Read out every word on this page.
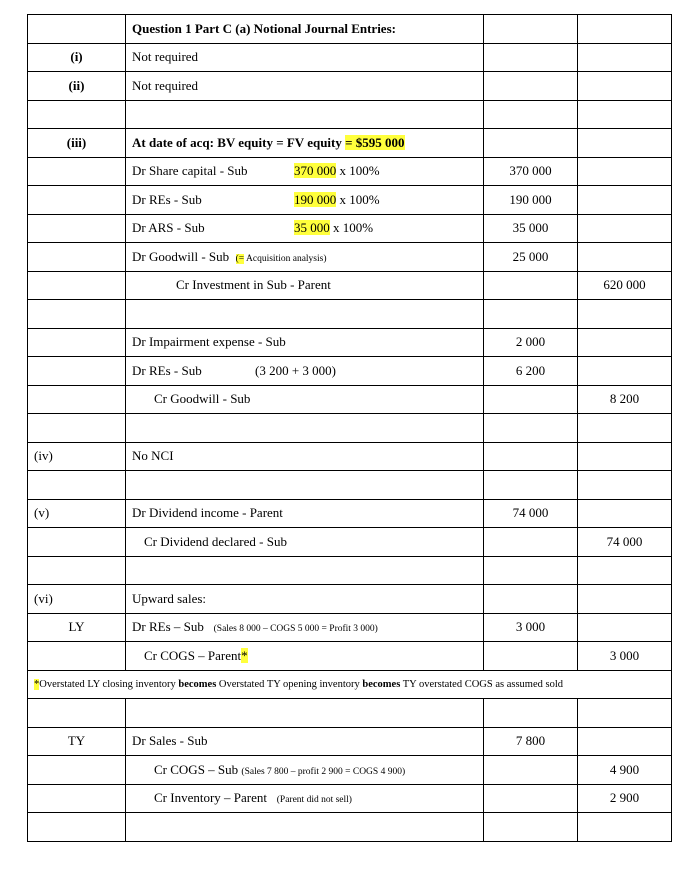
	Question 1 Part C (a) Notional Journal Entries:		
(i)	Not required		
(ii)	Not required		

(iii)	At date of acq: BV equity = FV equity = $595 000		
	Dr Share capital - Sub 370 000 x 100%	370 000	
	Dr REs - Sub 190 000 x 100%	190 000	
	Dr ARS - Sub 35 000 x 100%	35 000	
	Dr Goodwill - Sub (= Acquisition analysis)	25 000	
	Cr Investment in Sub - Parent		620 000

	Dr Impairment expense - Sub	2 000	
	Dr REs - Sub (3 200 + 3 000)	6 200	
	Cr Goodwill - Sub		8 200

(iv)	No NCI		

(v)	Dr Dividend income - Parent	74 000	
	Cr Dividend declared - Sub		74 000

(vi)	Upward sales:		
LY	Dr REs – Sub (Sales 8 000 – COGS 5 000 = Profit 3 000)	3 000	
	Cr COGS – Parent*		3 000
*Overstated LY closing inventory becomes Overstated TY opening inventory becomes TY overstated COGS as assumed sold			

TY	Dr Sales - Sub	7 800	
	Cr COGS – Sub (Sales 7 800 – profit 2 900 = COGS 4 900)		4 900
	Cr Inventory – Parent (Parent did not sell)		2 900
